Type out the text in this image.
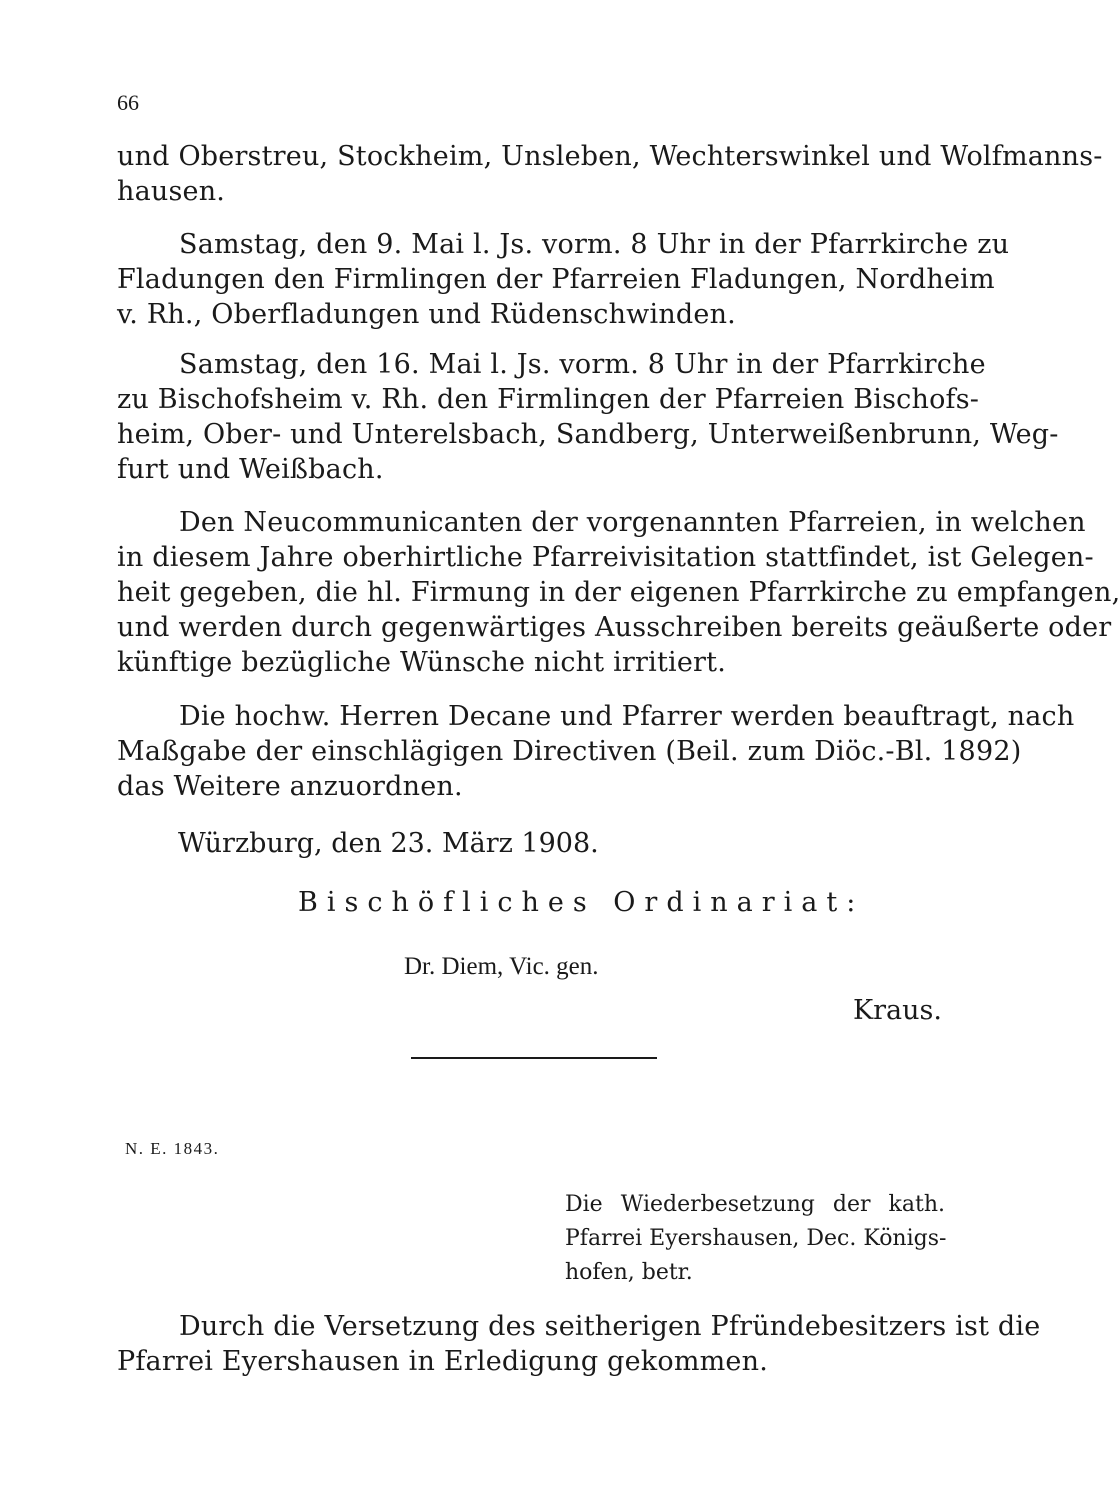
66
und Oberstreu, Stockheim, Unsleben, Wechterswinkel und Wolfmanns-
hausen.
Samstag, den 9. Mai l. Js. vorm. 8 Uhr in der Pfarrkirche zu
Fladungen den Firmlingen der Pfarreien Fladungen, Nordheim
v. Rh., Oberfladungen und Rüdenschwinden.
Samstag, den 16. Mai l. Js. vorm. 8 Uhr in der Pfarrkirche
zu Bischofsheim v. Rh. den Firmlingen der Pfarreien Bischofs-
heim, Ober- und Unterelsbach, Sandberg, Unterweißenbrunn, Weg-
furt und Weißbach.
Den Neucommunicanten der vorgenannten Pfarreien, in welchen
in diesem Jahre oberhirtliche Pfarreivisitation stattfindet, ist Gelegen-
heit gegeben, die hl. Firmung in der eigenen Pfarrkirche zu empfangen,
und werden durch gegenwärtiges Ausschreiben bereits geäußerte oder
künftige bezügliche Wünsche nicht irritiert.
Die hochw. Herren Decane und Pfarrer werden beauftragt, nach
Maßgabe der einschlägigen Directiven (Beil. zum Diöc.-Bl. 1892)
das Weitere anzuordnen.
Würzburg, den 23. März 1908.
Bischöfliches Ordinariat:
Dr. Diem, Vic. gen.
Kraus.
N. E. 1843.
Die Wiederbesetzung der kath.
Pfarrei Eyershausen, Dec. Königs-
hofen, betr.
Durch die Versetzung des seitherigen Pfründebesitzers ist die
Pfarrei Eyershausen in Erledigung gekommen.
